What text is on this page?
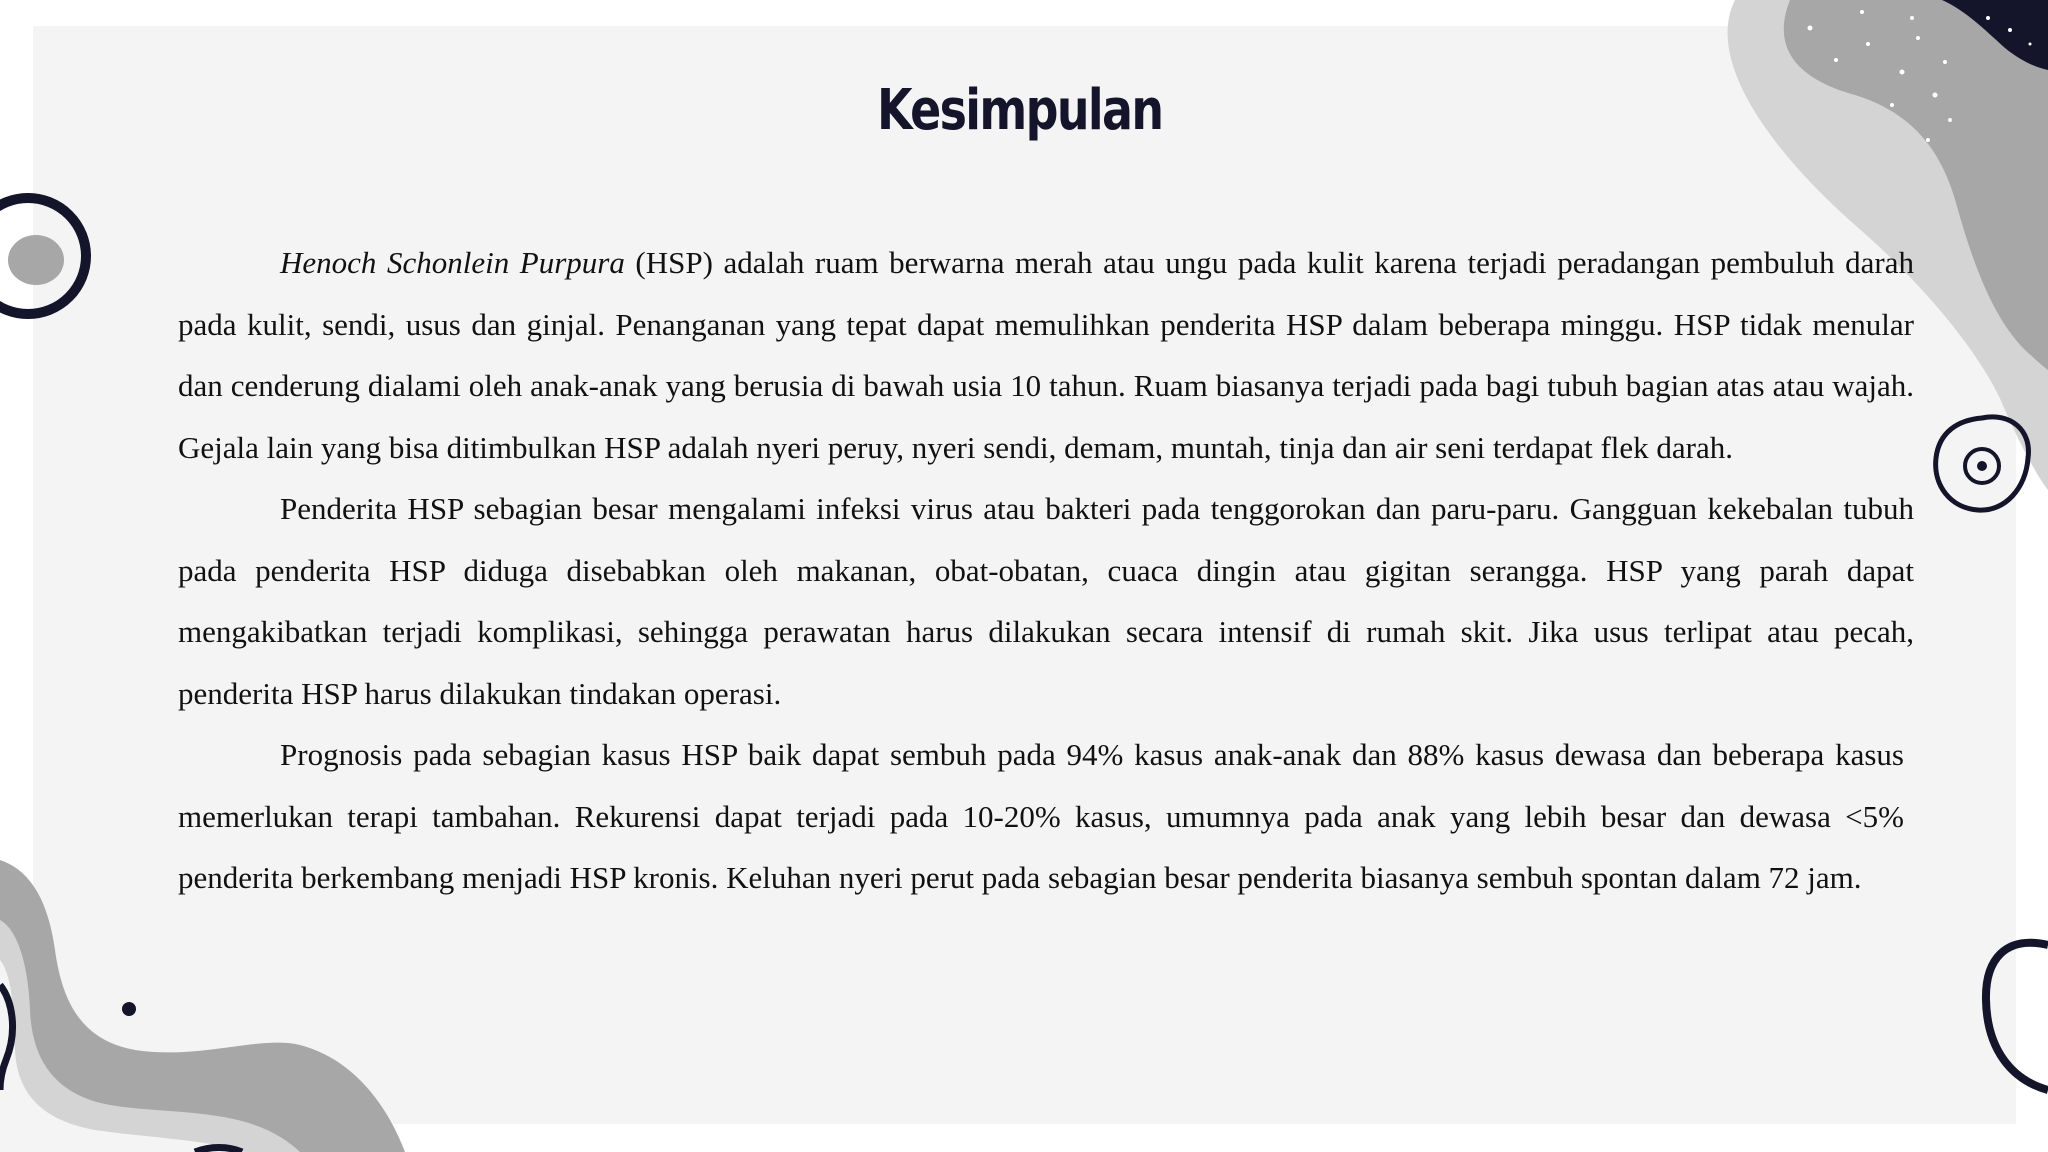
Kesimpulan

Henoch Schonlein Purpura (HSP) adalah ruam berwarna merah atau ungu pada kulit karena terjadi peradangan pembuluh darah pada kulit, sendi, usus dan ginjal. Penanganan yang tepat dapat memulihkan penderita HSP dalam beberapa minggu. HSP tidak menular dan cenderung dialami oleh anak-anak yang berusia di bawah usia 10 tahun. Ruam biasanya terjadi pada bagi tubuh bagian atas atau wajah. Gejala lain yang bisa ditimbulkan HSP adalah nyeri peruy, nyeri sendi, demam, muntah, tinja dan air seni terdapat flek darah.

Penderita HSP sebagian besar mengalami infeksi virus atau bakteri pada tenggorokan dan paru-paru. Gangguan kekebalan tubuh pada penderita HSP diduga disebabkan oleh makanan, obat-obatan, cuaca dingin atau gigitan serangga. HSP yang parah dapat mengakibatkan terjadi komplikasi, sehingga perawatan harus dilakukan secara intensif di rumah skit. Jika usus terlipat atau pecah, penderita HSP harus dilakukan tindakan operasi.

Prognosis pada sebagian kasus HSP baik dapat sembuh pada 94% kasus anak-anak dan 88% kasus dewasa dan beberapa kasus memerlukan terapi tambahan. Rekurensi dapat terjadi pada 10-20% kasus, umumnya pada anak yang lebih besar dan dewasa <5% penderita berkembang menjadi HSP kronis. Keluhan nyeri perut pada sebagian besar penderita biasanya sembuh spontan dalam 72 jam.
